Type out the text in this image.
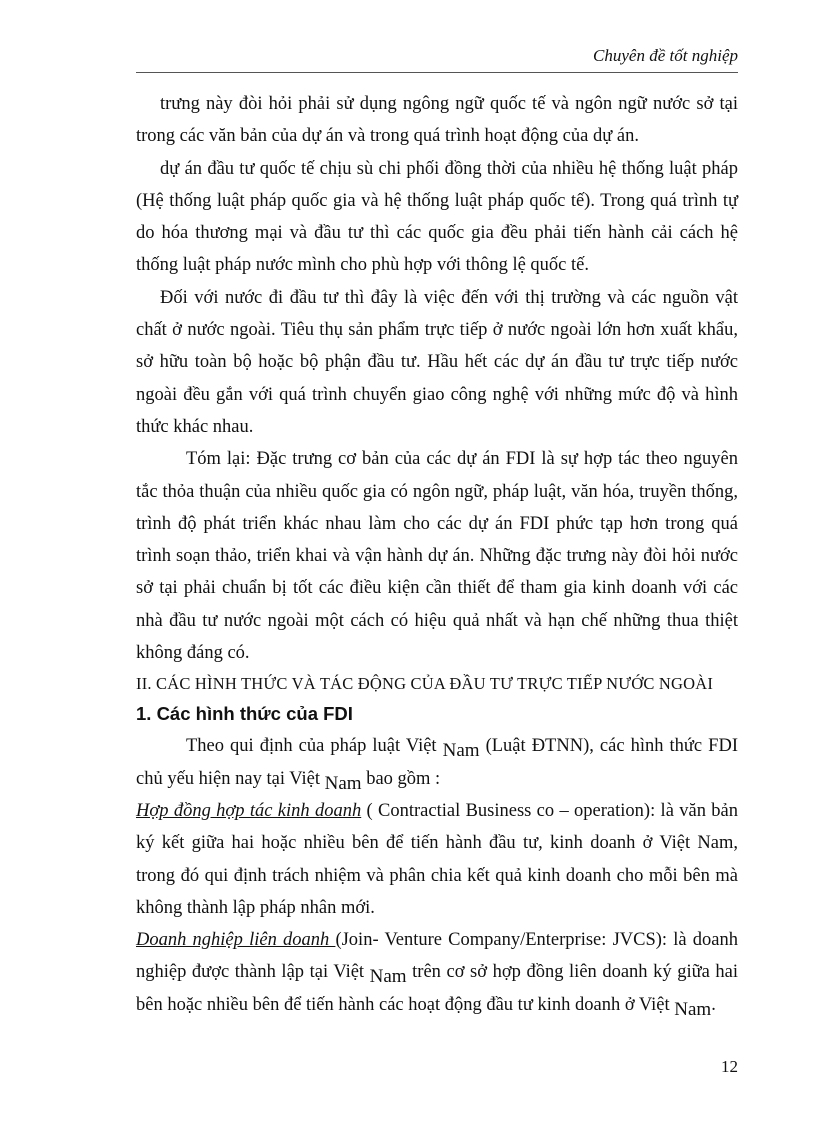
Chuyên đề tốt nghiệp

trưng này đòi hỏi phải sử dụng ngông ngữ quốc tế và ngôn ngữ nước sở tại trong các văn bản của dự án và trong quá trình hoạt động của dự án.

dự án đầu tư quốc tế chịu sù chi phối đồng thời của nhiều hệ thống luật pháp (Hệ thống luật pháp quốc gia và hệ thống luật pháp quốc tế). Trong quá trình tự do hóa thương mại và đầu tư thì các quốc gia đều phải tiến hành cải cách hệ thống luật pháp nước mình cho phù hợp với thông lệ quốc tế.

Đối với nước đi đầu tư thì đây là việc đến với thị trường và các nguồn vật chất ở nước ngoài. Tiêu thụ sản phẩm trực tiếp ở nước ngoài lớn hơn xuất khẩu, sở hữu toàn bộ hoặc bộ phận đầu tư. Hầu hết các dự án đầu tư trực tiếp nước ngoài đều gắn với quá trình chuyển giao công nghệ với những mức độ và hình thức khác nhau.

Tóm lại: Đặc trưng cơ bản của các dự án FDI là sự hợp tác theo nguyên tắc thỏa thuận của nhiều quốc gia có ngôn ngữ, pháp luật, văn hóa, truyền thống, trình độ phát triển khác nhau làm cho các dự án FDI phức tạp hơn trong quá trình soạn thảo, triển khai và vận hành dự án. Những đặc trưng này đòi hỏi nước sở tại phải chuẩn bị tốt các điều kiện cần thiết để tham gia kinh doanh với các nhà đầu tư nước ngoài một cách có hiệu quả nhất và hạn chế những thua thiệt không đáng có.

II. CÁC HÌNH THỨC VÀ TÁC ĐỘNG CỦA ĐẦU TƯ TRỰC TIẾP NƯỚC NGOÀI

1. Các hình thức của FDI

Theo qui định của pháp luật Việt Nam (Luật ĐTNN), các hình thức FDI chủ yếu hiện nay tại Việt Nam bao gồm :

Hợp đồng hợp tác kinh doanh ( Contractial Business co – operation): là văn bản ký kết giữa hai hoặc nhiều bên để tiến hành đầu tư, kinh doanh ở Việt Nam, trong đó qui định trách nhiệm và phân chia kết quả kinh doanh cho mỗi bên mà không thành lập pháp nhân mới.

Doanh nghiệp liên doanh (Join- Venture Company/Enterprise: JVCS): là doanh nghiệp được thành lập tại Việt Nam trên cơ sở hợp đồng liên doanh ký giữa hai bên hoặc nhiều bên để tiến hành các hoạt động đầu tư kinh doanh ở Việt Nam.

12
